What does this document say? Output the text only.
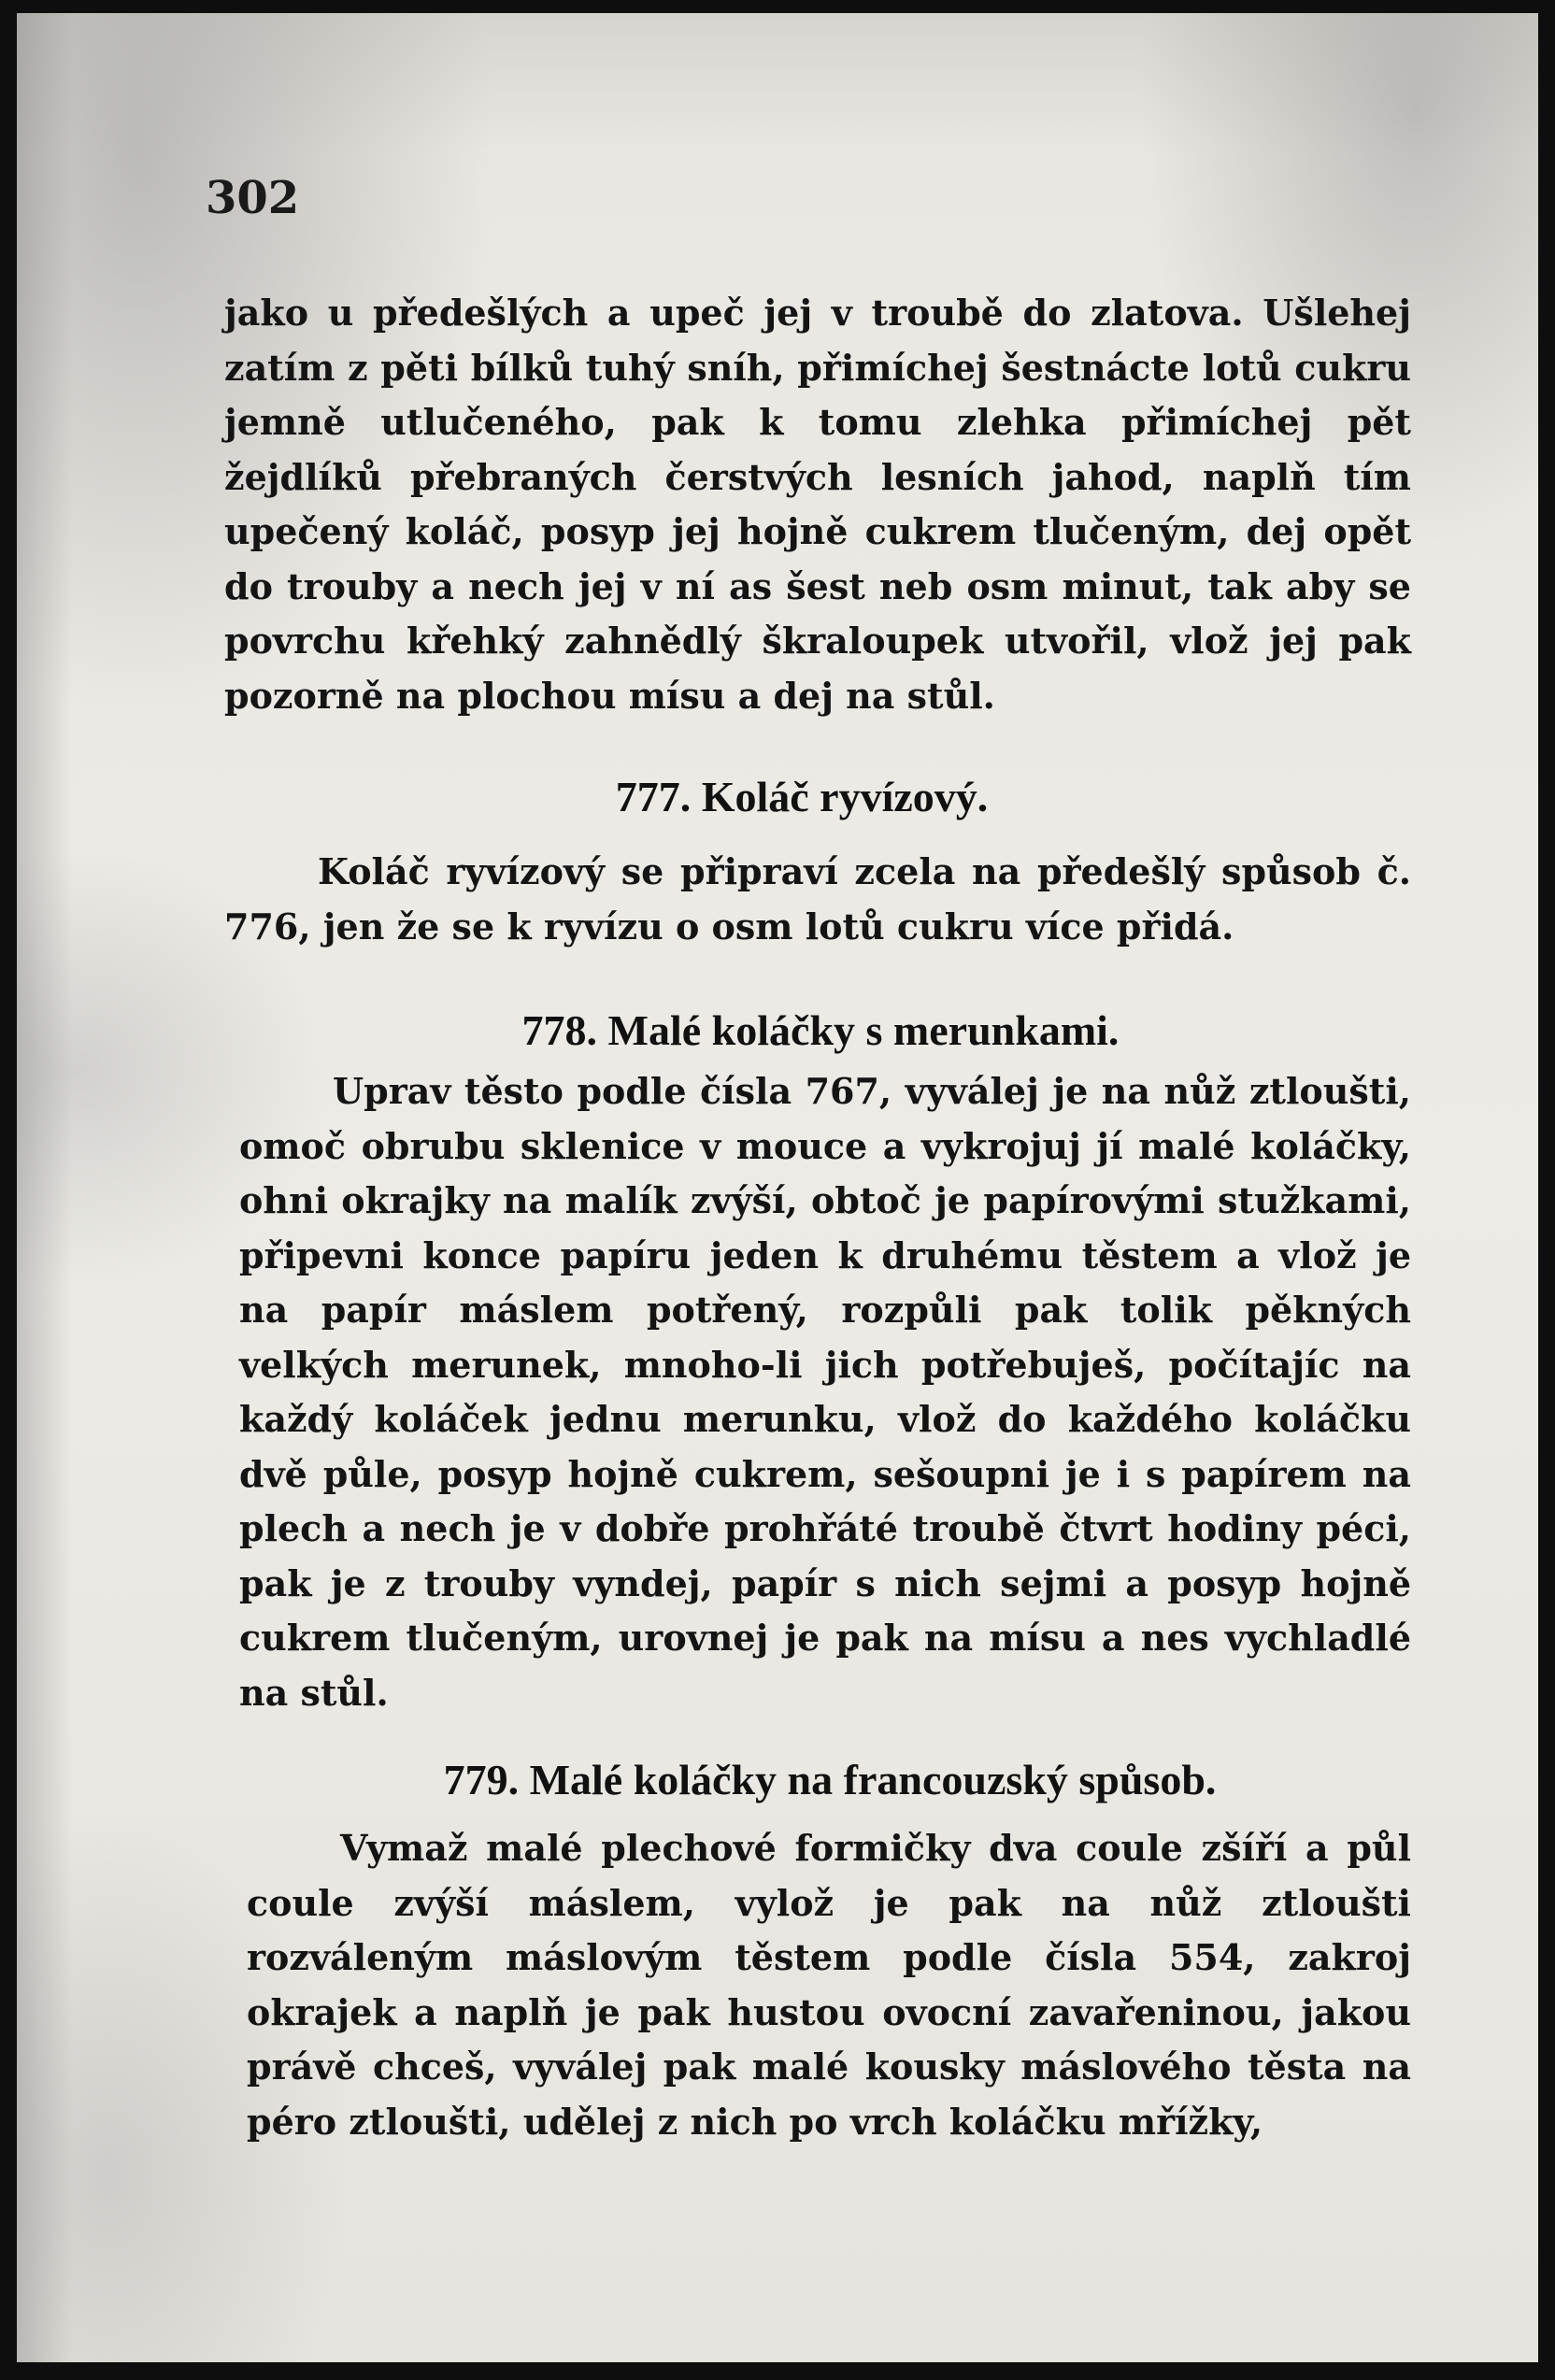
302

jako u předešlých a upeč jej v troubě do zlatova. Ušlehej zatím z pěti bílků tuhý sníh, přimíchej šestnácte lotů cukru jemně utlučeného, pak k tomu zlehka přimíchej pět žejdlíků přebraných čerstvých lesních jahod, naplň tím upečený koláč, posyp jej hojně cukrem tlučeným, dej opět do trouby a nech jej v ní as šest neb osm minut, tak aby se povrchu křehký zahnědlý škraloupek utvořil, vlož jej pak pozorně na plochou mísu a dej na stůl.

777. Koláč ryvízový.

Koláč ryvízový se připraví zcela na předešlý spůsob č. 776, jen že se k ryvízu o osm lotů cukru více přidá.

778. Malé koláčky s merunkami.

Uprav těsto podle čísla 767, vyválej je na nůž ztloušti, omoč obrubu sklenice v mouce a vykrojuj jí malé koláčky, ohni okrajky na malík zvýší, obtoč je papírovými stužkami, připevni konce papíru jeden k druhému těstem a vlož je na papír máslem potřený, rozpůli pak tolik pěkných velkých merunek, mnoho-li jich potřebuješ, počítajíc na každý koláček jednu merunku, vlož do každého koláčku dvě půle, posyp hojně cukrem, sešoupni je i s papírem na plech a nech je v dobře prohřáté troubě čtvrt hodiny péci, pak je z trouby vyndej, papír s nich sejmi a posyp hojně cukrem tlučeným, urovnej je pak na mísu a nes vychladlé na stůl.

779. Malé koláčky na francouzský spůsob.

Vymaž malé plechové formičky dva coule zšíří a půl coule zvýší máslem, vylož je pak na nůž ztloušti rozváleným máslovým těstem podle čísla 554, zakroj okrajek a naplň je pak hustou ovocní zavařeninou, jakou právě chceš, vyválej pak malé kousky máslového těsta na péro ztloušti, udělej z nich po vrch koláčku mřížky,
